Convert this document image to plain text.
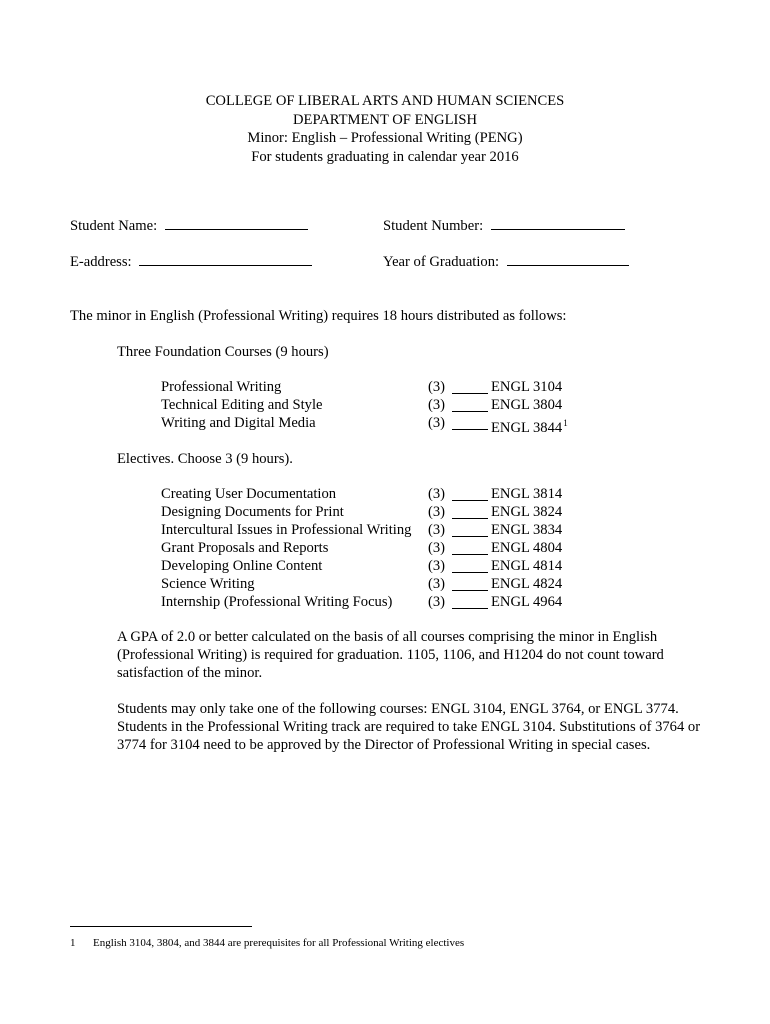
COLLEGE OF LIBERAL ARTS AND HUMAN SCIENCES
DEPARTMENT OF ENGLISH
Minor: English – Professional Writing (PENG)
For students graduating in calendar year 2016
Student Name:	Student Number:
E-address:	Year of Graduation:
The minor in English (Professional Writing) requires 18 hours distributed as follows:
Three Foundation Courses (9 hours)
Professional Writing	(3)	ENGL 3104
Technical Editing and Style	(3)	ENGL 3804
Writing and Digital Media	(3)	ENGL 3844$^1$
Electives. Choose 3 (9 hours).
Creating User Documentation	(3)	ENGL 3814
Designing Documents for Print	(3)	ENGL 3824
Intercultural Issues in Professional Writing (3)	ENGL 3834
Grant Proposals and Reports	(3)	ENGL 4804
Developing Online Content	(3)	ENGL 4814
Science Writing	(3)	ENGL 4824
Internship (Professional Writing Focus) (3)	ENGL 4964
A GPA of 2.0 or better calculated on the basis of all courses comprising the minor in English (Professional Writing) is required for graduation. 1105, 1106, and H1204 do not count toward satisfaction of the minor.
Students may only take one of the following courses: ENGL 3104, ENGL 3764, or ENGL 3774. Students in the Professional Writing track are required to take ENGL 3104. Substitutions of 3764 or 3774 for 3104 need to be approved by the Director of Professional Writing in special cases.
1 English 3104, 3804, and 3844 are prerequisites for all Professional Writing electives
